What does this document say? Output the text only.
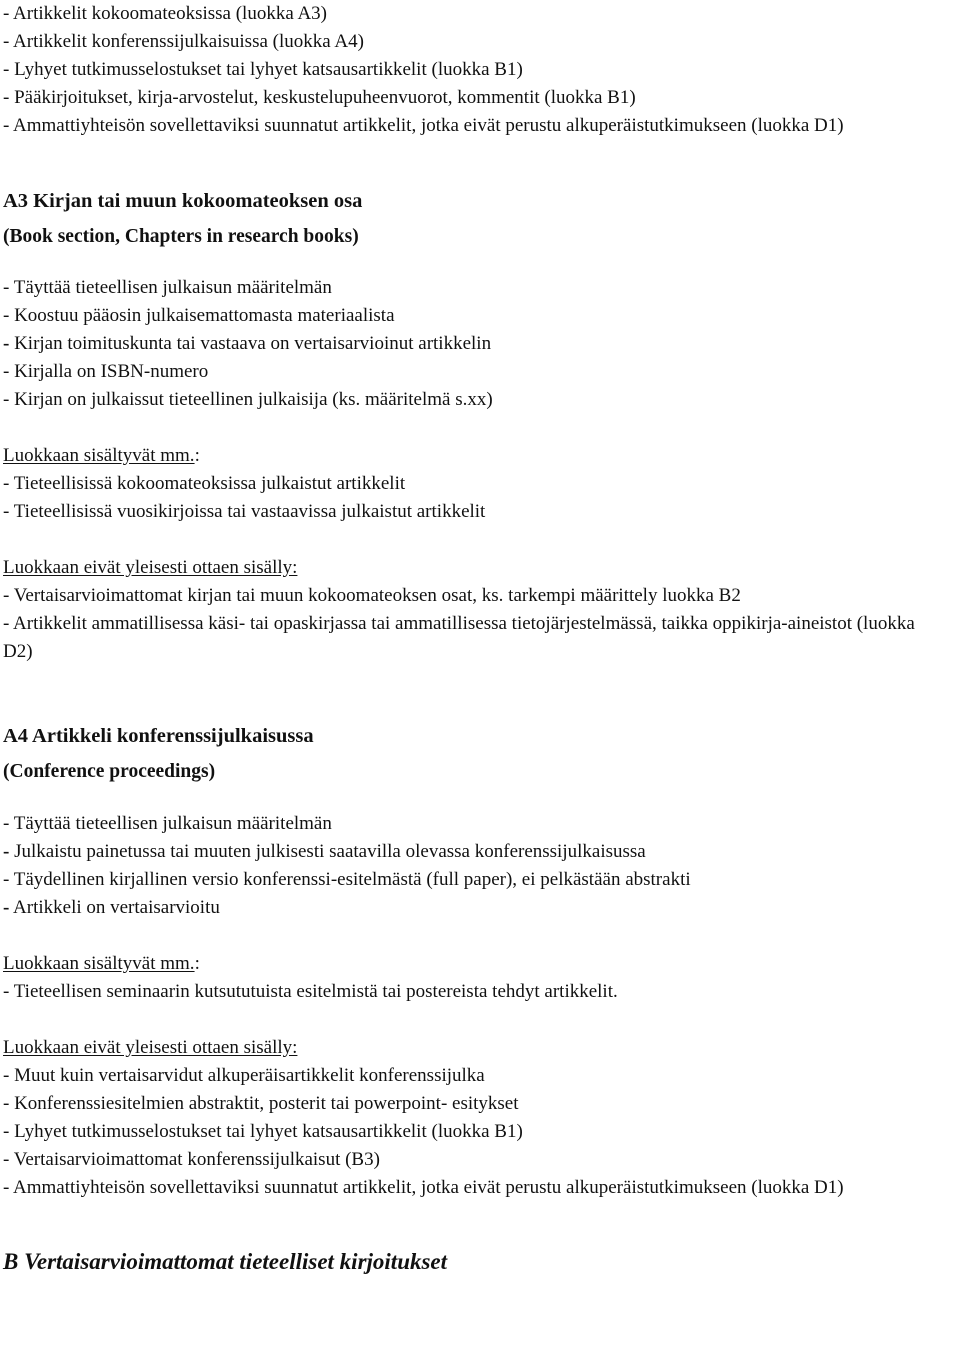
- Artikkelit kokoomateoksissa (luokka A3)

- Artikkelit konferenssijulkaisuissa (luokka A4)

- Lyhyet tutkimusselostukset tai lyhyet katsausartikkelit (luokka B1)

- Pääkirjoitukset, kirja-arvostelut, keskustelupuheenvuorot, kommentit (luokka B1)

- Ammattiyhteisön sovellettaviksi suunnatut artikkelit, jotka eivät perustu alkuperäistutkimukseen (luokka D1)

A3 Kirjan tai muun kokoomateoksen osa

(Book section, Chapters in research books)

- Täyttää tieteellisen julkaisun määritelmän

- Koostuu pääosin julkaisemattomasta materiaalista

- Kirjan toimituskunta tai vastaava on vertaisarvioinut artikkelin

- Kirjalla on ISBN-numero

- Kirjan on julkaissut tieteellinen julkaisija (ks. määritelmä s.xx)

Luokkaan sisältyvät mm.:

- Tieteellisissä kokoomateoksissa julkaistut artikkelit

- Tieteellisissä vuosikirjoissa tai vastaavissa julkaistut artikkelit

Luokkaan eivät yleisesti ottaen sisälly:

- Vertaisarvioimattomat kirjan tai muun kokoomateoksen osat, ks. tarkempi määrittely luokka B2

- Artikkelit ammatillisessa käsi- tai opaskirjassa tai ammatillisessa tietojärjestelmässä, taikka oppikirja-aineistot (luokka D2)

A4 Artikkeli konferenssijulkaisussa

(Conference proceedings)

- Täyttää tieteellisen julkaisun määritelmän

- Julkaistu painetussa tai muuten julkisesti saatavilla olevassa konferenssijulkaisussa

- Täydellinen kirjallinen versio konferenssi-esitelmästä (full paper), ei pelkästään abstrakti

- Artikkeli on vertaisarvioitu

Luokkaan sisältyvät mm.:

- Tieteellisen seminaarin kutsututuista esitelmistä tai postereista tehdyt artikkelit.

Luokkaan eivät yleisesti ottaen sisälly:

- Muut kuin vertaisarvidut alkuperäisartikkelit konferenssijulka

- Konferenssiesitelmien abstraktit, posterit tai powerpoint- esitykset

- Lyhyet tutkimusselostukset tai lyhyet katsausartikkelit (luokka B1)

- Vertaisarvioimattomat konferenssijulkaisut (B3)

- Ammattiyhteisön sovellettaviksi suunnatut artikkelit, jotka eivät perustu alkuperäistutkimukseen (luokka D1)

B Vertaisarvioimattomat tieteelliset kirjoitukset
